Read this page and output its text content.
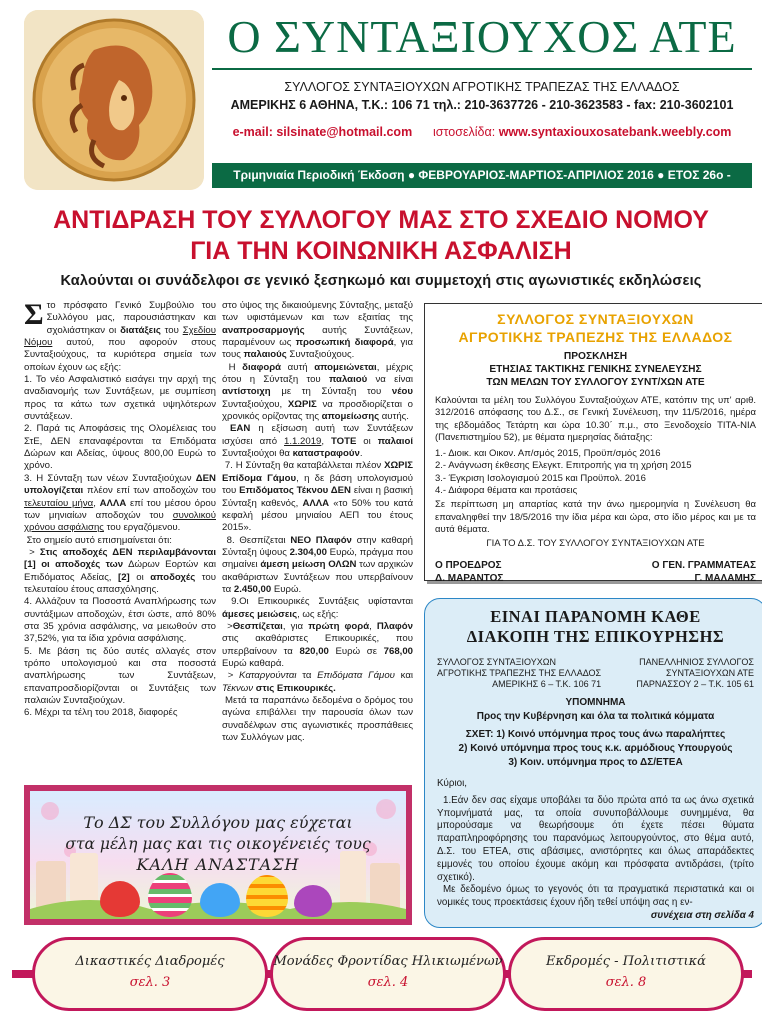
Ο ΣΥΝΤΑΞΙΟΥΧΟΣ ΑΤΕ
ΣΥΛΛΟΓΟΣ ΣΥΝΤΑΞΙΟΥΧΩΝ ΑΓΡΟΤΙΚΗΣ ΤΡΑΠΕΖΑΣ ΤΗΣ ΕΛΛΑΔΟΣ
ΑΜΕΡΙΚΗΣ 6 ΑΘΗΝΑ, Τ.Κ.: 106 71 τηλ.: 210-3637726 - 210-3623583 - fax: 210-3602101
e-mail: silsinate@hotmail.com ιστοσελίδα: www.syntaxiouxosatebank.weebly.com
Τριμηνιαία Περιοδική Έκδοση ● ΦΕΒΡΟΥΑΡΙΟΣ-ΜΑΡΤΙΟΣ-ΑΠΡΙΛΙΟΣ 2016 ● ΕΤΟΣ 26ο - ΑΡΙΘΜΟΣ 146
ΑΝΤΙΔΡΑΣΗ ΤΟΥ ΣΥΛΛΟΓΟΥ ΜΑΣ ΣΤΟ ΣΧΕΔΙΟ ΝΟΜΟΥ
ΓΙΑ ΤΗΝ ΚΟΙΝΩΝΙΚΗ ΑΣΦΑΛΙΣΗ
Καλούνται οι συνάδελφοι σε γενικό ξεσηκωμό και συμμετοχή στις αγωνιστικές εκδηλώσεις

Στο πρόσφατο Γενικό Συμβούλιο του Συλλόγου μας, παρουσιάστηκαν και σχολιάστηκαν οι διατάξεις του Σχεδίου Νόμου αυτού, που αφορούν στους Συνταξιούχους, τα κυριότερα σημεία των οποίων έχουν ως εξής:

1. Το νέο Ασφαλιστικό εισάγει την αρχή της αναδιανομής των Συντάξεων, με συμπίεση προς τα κάτω των σχετικά υψηλότερων συντάξεων.

2. Παρά τις Αποφάσεις της Ολομέλειας του ΣτΕ, ΔΕΝ επαναφέρονται τα Επιδόματα Δώρων και Αδείας, ύψους 800,00 Ευρώ το χρόνο.

3. Η Σύνταξη των νέων Συνταξιούχων ΔΕΝ υπολογίζεται πλέον επί των αποδοχών του τελευταίου μήνα, ΑΛΛΑ επί του μέσου όρου των μηνιαίων αποδοχών του συνολικού χρόνου ασφάλισης του εργαζόμενου.

Στο σημείο αυτό επισημαίνεται ότι:

> Στις αποδοχές ΔΕΝ περιλαμβάνονται [1] οι αποδοχές των Δώρων Εορτών και Επιδόματος Αδείας, [2] οι αποδοχές του τελευταίου έτους απασχόλησης.

4. Αλλάζουν τα Ποσοστά Αναπλήρωσης των συντάξιμων αποδοχών, έτσι ώστε, από 80% στα 35 χρόνια ασφάλισης, να μειωθούν στο 37,52%, για τα ίδια χρόνια ασφάλισης.

5. Με βάση τις δύο αυτές αλλαγές στον τρόπο υπολογισμού και στα ποσοστά αναπλήρωσης των Συντάξεων, επαναπροσδιορίζονται οι Συντάξεις των παλαιών Συνταξιούχων.

6. Μέχρι τα τέλη του 2018, διαφορές

στο ύψος της δικαιούμενης Σύνταξης, μεταξύ των υφιστάμενων και των εξαιτίας της αναπροσαρμογής αυτής Συντάξεων, παραμένουν ως προσωπική διαφορά, για τους παλαιούς Συνταξιούχους.

Η διαφορά αυτή απομειώνεται, μέχρις ότου η Σύνταξη του παλαιού να είναι αντίστοιχη με τη Σύνταξη του νέου Συνταξιούχου, ΧΩΡΙΣ να προσδιορίζεται ο χρονικός ορίζοντας της απομείωσης αυτής.

ΕΑΝ η εξίσωση αυτή των Συντάξεων ισχύσει από 1.1.2019, ΤΟΤΕ οι παλαιοί Συνταξιούχοι θα καταστραφούν.

7. Η Σύνταξη θα καταβάλλεται πλέον ΧΩΡΙΣ Επίδομα Γάμου, η δε βάση υπολογισμού του Επιδόματος Τέκνου ΔΕΝ είναι η βασική Σύνταξη καθενός, ΑΛΛΑ «το 50% του κατά κεφαλή μέσου μηνιαίου ΑΕΠ του έτους 2015».

8. Θεσπίζεται ΝΕΟ Πλαφόν στην καθαρή Σύνταξη ύψους 2.304,00 Ευρώ, πράγμα που σημαίνει άμεση μείωση ΟΛΩΝ των αρχικών ακαθάριστων Συντάξεων που υπερβαίνουν τα 2.450,00 Ευρώ.

9.Οι Επικουρικές Συντάξεις υφίστανται άμεσες μειώσεις, ως εξής:

>Θεσπίζεται, για πρώτη φορά, Πλαφόν στις ακαθάριστες Επικουρικές, που υπερβαίνουν τα 820,00 Ευρώ σε 768,00 Ευρώ καθαρά.

> Καταργούνται τα Επιδόματα Γάμου και Τέκνων στις Επικουρικές.

Μετά τα παραπάνω δεδομένα ο δρόμος του αγώνα επιβάλλει την παρουσία όλων των συναδέλφων στις αγωνιστικές προσπάθειες των Συλλόγων μας.

ΣΥΛΛΟΓΟΣ ΣΥΝΤΑΞΙΟΥΧΩΝ
ΑΓΡΟΤΙΚΗΣ ΤΡΑΠΕΖΗΣ ΤΗΣ ΕΛΛΑΔΟΣ
ΠΡΟΣΚΛΗΣΗ
ΕΤΗΣΙΑΣ ΤΑΚΤΙΚΗΣ ΓΕΝΙΚΗΣ ΣΥΝΕΛΕΥΣΗΣ
ΤΩΝ ΜΕΛΩΝ ΤΟΥ ΣΥΛΛΟΓΟΥ ΣΥΝΤ/ΧΩΝ ΑΤΕ
Καλούνται τα μέλη του Συλλόγου Συνταξιούχων ΑΤΕ, κατόπιν της υπ' αριθ. 312/2016 απόφασης του Δ.Σ., σε Γενική Συνέλευση, την 11/5/2016, ημέρα της εβδομάδος Τετάρτη και ώρα 10.30΄ π.μ., στο Ξενοδοχείο TITA-NIA (Πανεπιστημίου 52), με θέματα ημερησίας διάταξης:
1.- Διοικ. και Οικον. Απ/σμός 2015, Προϋπ/σμός 2016
2.- Ανάγνωση έκθεσης Ελεγκτ. Επιτροπής για τη χρήση 2015
3.- Έγκριση Ισολογισμού 2015 και Προϋπολ. 2016
4.- Διάφορα θέματα και προτάσεις
Σε περίπτωση μη απαρτίας κατά την άνω ημερομηνία η Συνέλευση θα επαναληφθεί την 18/5/2016 την ίδια μέρα και ώρα, στο ίδιο μέρος και με τα αυτά θέματα.
ΓΙΑ ΤΟ Δ.Σ. ΤΟΥ ΣΥΛΛΟΓΟΥ ΣΥΝΤΑΞΙΟΥΧΩΝ ΑΤΕ
Ο ΠΡΟΕΔΡΟΣ	Ο ΓΕΝ. ΓΡΑΜΜΑΤΕΑΣ
Δ. ΜΑΡΑΝΤΟΣ	Γ. ΜΑΛΑΜΗΣ
ΕΙΝΑΙ ΠΑΡΑΝΟΜΗ ΚΑΘΕ
ΔΙΑΚΟΠΗ ΤΗΣ ΕΠΙΚΟΥΡΗΣΗΣ
ΣΥΛΛΟΓΟΣ ΣΥΝΤΑΞΙΟΥΧΩΝ
ΑΓΡΟΤΙΚΗΣ ΤΡΑΠΕΖΗΣ ΤΗΣ ΕΛΛΑΔΟΣ
ΑΜΕΡΙΚΗΣ 6 – Τ.Κ. 106 71
ΠΑΝΕΛΛΗΝΙΟΣ ΣΥΛΛΟΓΟΣ
ΣΥΝΤΑΞΙΟΥΧΩΝ ΑΤΕ
ΠΑΡΝΑΣΣΟΥ 2 – Τ.Κ. 105 61
ΥΠΟΜΝΗΜΑ
Προς την Κυβέρνηση και όλα τα πολιτικά κόμματα
ΣΧΕΤ: 1) Κοινό υπόμνημα προς τους άνω παραλήπτες
2) Κοινό υπόμνημα προς τους κ.κ. αρμόδιους Υπουργούς
3) Κοιν. υπόμνημα προς το ΔΣ/ΕΤΕΑ
Κύριοι,
1.Εάν δεν σας είχαμε υποβάλει τα δύο πρώτα από τα ως άνω σχετικά Υπομνήματά μας, τα οποία συνυποβάλλουμε συνημμένα, θα μπορούσαμε να θεωρήσουμε ότι έχετε πέσει θύματα παραπληροφόρησης του παρανόμως λειτουργούντος, στο θέμα αυτό, Δ.Σ. του ΕΤΕΑ, στις αβάσιμες, ανιστόρητες και όλως απαράδεκτες εμμονές του οποίου έχουμε ακόμη και πρόσφατα αντιδράσει, (τρίτο σχετικό).
Με δεδομένο όμως το γεγονός ότι τα πραγματικά περιστατικά και οι νομικές τους προεκτάσεις έχουν ήδη τεθεί υπόψη σας η εν-
συνέχεια στη σελίδα 4
Το ΔΣ του Συλλόγου μας εύχεται
στα μέλη μας και τις οικογένειές τους
ΚΑΛΗ ΑΝΑΣΤΑΣΗ
Δικαστικές Διαδρομές
σελ. 3
Μονάδες Φροντίδας Ηλικιωμένων
σελ. 4
Εκδρομές - Πολιτιστικά
σελ. 8
